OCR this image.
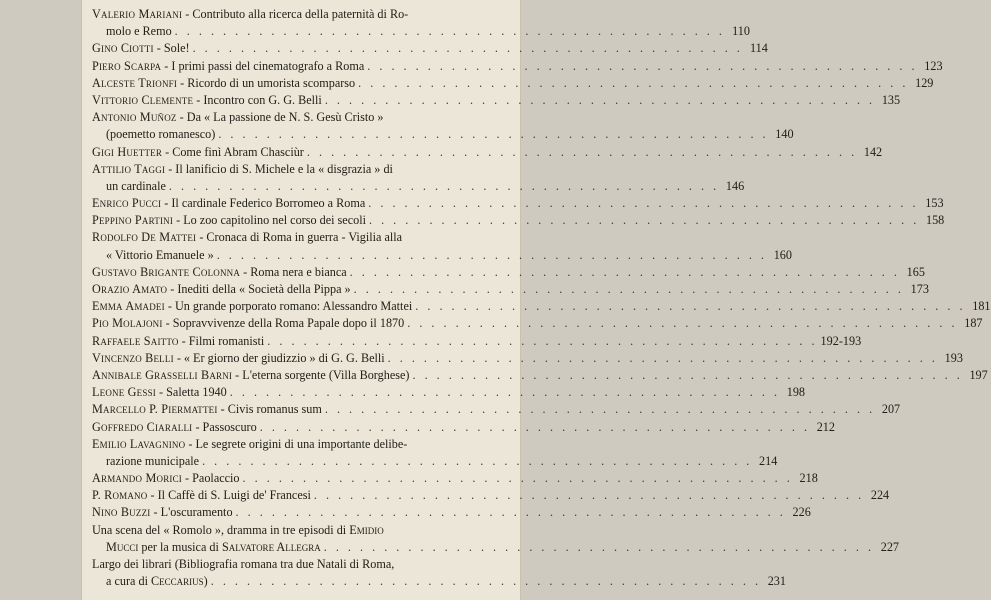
Valerio Mariani - Contributo alla ricerca della paternità di Ro-
molo e Remo . . .	110
Gino Ciotti - Sole! . . .	114
Piero Scarpa - I primi passi del cinematografo a Roma . . .	123
Alceste Trionfi - Ricordo di un umorista scomparso . . .	129
Vittorio Clemente - Incontro con G. G. Belli . . .	135
Antonio Muñoz - Da « La passione de N. S. Gesù Cristo »
(poemetto romanesco) . . .	140
Gigi Huetter - Come finì Abram Chasciùr . . .	142
Attilio Taggi - Il lanificio di S. Michele e la « disgrazia » di
un cardinale . . .	146
Enrico Pucci - Il cardinale Federico Borromeo a Roma . . .	153
Peppino Partini - Lo zoo capitolino nel corso dei secoli . . .	158
Rodolfo De Mattei - Cronaca di Roma in guerra - Vigilia alla
« Vittorio Emanuele » . . .	160
Gustavo Brigante Colonna - Roma nera e bianca . . .	165
Orazio Amato - Inediti della « Società della Pippa » . . .	173
Emma Amadei - Un grande porporato romano: Alessandro Mattei . . .	181
Pio Molajoni - Sopravvivenze della Roma Papale dopo il 1870 . . .	187
Raffaele Saitto - Filmi romanisti . . .	192-193
Vincenzo Belli - « Er giorno der giudizzio » di G. G. Belli . . .	193
Annibale Grasselli Barni - L'eterna sorgente (Villa Borghese) . . .	197
Leone Gessi - Saletta 1940 . . .	198
Marcello P. Piermattei - Civis romanus sum . . .	207
Goffredo Ciaralli - Passoscuro . . .	212
Emilio Lavagnino - Le segrete origini di una importante delibe-
razione municipale . . .	214
Armando Morici - Paolaccio . . .	218
P. Romano - Il Caffè di S. Luigi de' Francesi . . .	224
Nino Buzzi - L'oscuramento . . .	226
Una scena del « Romolo », dramma in tre episodi di Emidio
Mucci per la musica di Salvatore Allegra . . .	227
Largo dei librari (Bibliografia romana tra due Natali di Roma,
a cura di Ceccarius) . . .	231
